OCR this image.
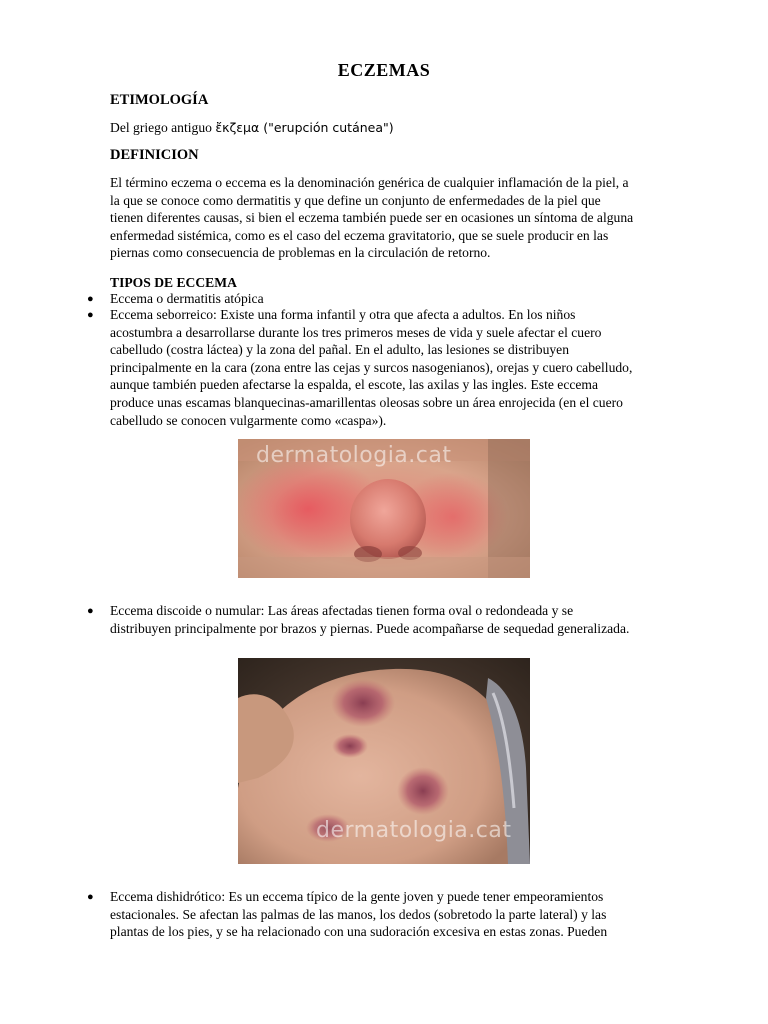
ECZEMAS
ETIMOLOGÍA
Del griego antiguo ἔκζεμα ("erupción cutánea")
DEFINICION
El término eczema o eccema es la denominación genérica de cualquier inflamación de la piel, a
la que se conoce como dermatitis y que define un conjunto de enfermedades de la piel que
tienen diferentes causas, si bien el eczema también puede ser en ocasiones un síntoma de alguna
enfermedad sistémica, como es el caso del eczema gravitatorio, que se suele producir en las
piernas como consecuencia de problemas en la circulación de retorno.
TIPOS DE ECCEMA
● Eccema o dermatitis atópica
● Eccema seborreico: Existe una forma infantil y otra que afecta a adultos. En los niños
acostumbra a desarrollarse durante los tres primeros meses de vida y suele afectar el cuero
cabelludo (costra láctea) y la zona del pañal. En el adulto, las lesiones se distribuyen
principalmente en la cara (zona entre las cejas y surcos nasogenianos), orejas y cuero cabelludo,
aunque también pueden afectarse la espalda, el escote, las axilas y las ingles. Este eccema
produce unas escamas blanquecinas-amarillentas oleosas sobre un área enrojecida (en el cuero
cabelludo se conocen vulgarmente como «caspa»).
dermatologia.cat
● Eccema discoide o numular: Las áreas afectadas tienen forma oval o redondeada y se
distribuyen principalmente por brazos y piernas. Puede acompañarse de sequedad generalizada.
dermatologia.cat
● Eccema dishidrótico: Es un eccema típico de la gente joven y puede tener empeoramientos
estacionales. Se afectan las palmas de las manos, los dedos (sobretodo la parte lateral) y las
plantas de los pies, y se ha relacionado con una sudoración excesiva en estas zonas. Pueden
